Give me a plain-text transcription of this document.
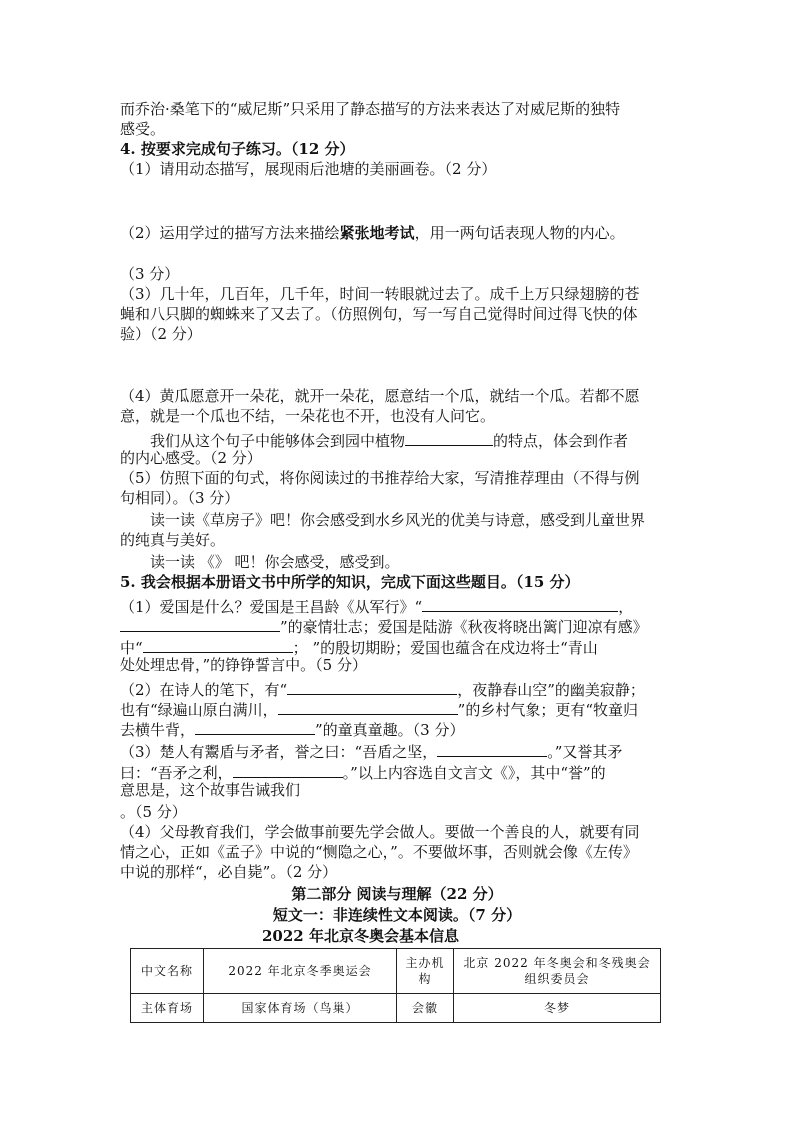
而乔治·桑笔下的“威尼斯”只采用了静态描写的方法来表达了对威尼斯的独特
感受。
4. 按要求完成句子练习。（12 分）
（1）请用动态描写，展现雨后池塘的美丽画卷。（2 分）
（2）运用学过的描写方法来描绘紧张地考试，用一两句话表现人物的内心。
（3 分）
（3）几十年，几百年，几千年，时间一转眼就过去了。成千上万只绿翅膀的苍
蝇和八只脚的蜘蛛来了又去了。（仿照例句，写一写自己觉得时间过得飞快的体
验）（2 分）
（4）黄瓜愿意开一朵花，就开一朵花，愿意结一个瓜，就结一个瓜。若都不愿
意，就是一个瓜也不结，一朵花也不开，也没有人问它。
我们从这个句子中能够体会到园中植物	的特点，体会到作者
的内心感受。（2 分）
（5）仿照下面的句式，将你阅读过的书推荐给大家，写清推荐理由（不得与例
句相同）。（3 分）
读一读《草房子》吧！你会感受到水乡风光的优美与诗意，感受到儿童世界
的纯真与美好。
读一读 《》 吧！你会感受，感受到。
5. 我会根据本册语文书中所学的知识，完成下面这些题目。（15 分）
（1）爱国是什么？爱国是王昌龄《从军行》“	，
”的豪情壮志；爱国是陆游《秋夜将晓出篱门迎凉有感》
中“	； ”的殷切期盼；爱国也蕴含在戍边将士“青山
处处埋忠骨，”的铮铮誓言中。（5 分）
（2）在诗人的笔下，有“	，夜静春山空”的幽美寂静；
也有“绿遍山原白满川，	”的乡村气象；更有“牧童归
去横牛背，	”的童真童趣。（3 分）
（3）楚人有鬻盾与矛者，誉之曰：“吾盾之坚，	。”又誉其矛
曰：“吾矛之利，	。”以上内容选自文言文《》，其中“誉”的
意思是，这个故事告诫我们
。（5 分）
（4）父母教育我们，学会做事前要先学会做人。要做一个善良的人，就要有同
情之心，正如《孟子》中说的“恻隐之心，”。不要做坏事，否则就会像《左传》
中说的那样“，必自毙”。（2 分）
第二部分 阅读与理解（22 分）
短文一：非连续性文本阅读。（7 分）
2022 年北京冬奥会基本信息
中文名称	2022 年北京冬季奥运会	主办机构	北京 2022 年冬奥会和冬残奥会组织委员会
主体育场	国家体育场（鸟巢）	会徽	冬梦
